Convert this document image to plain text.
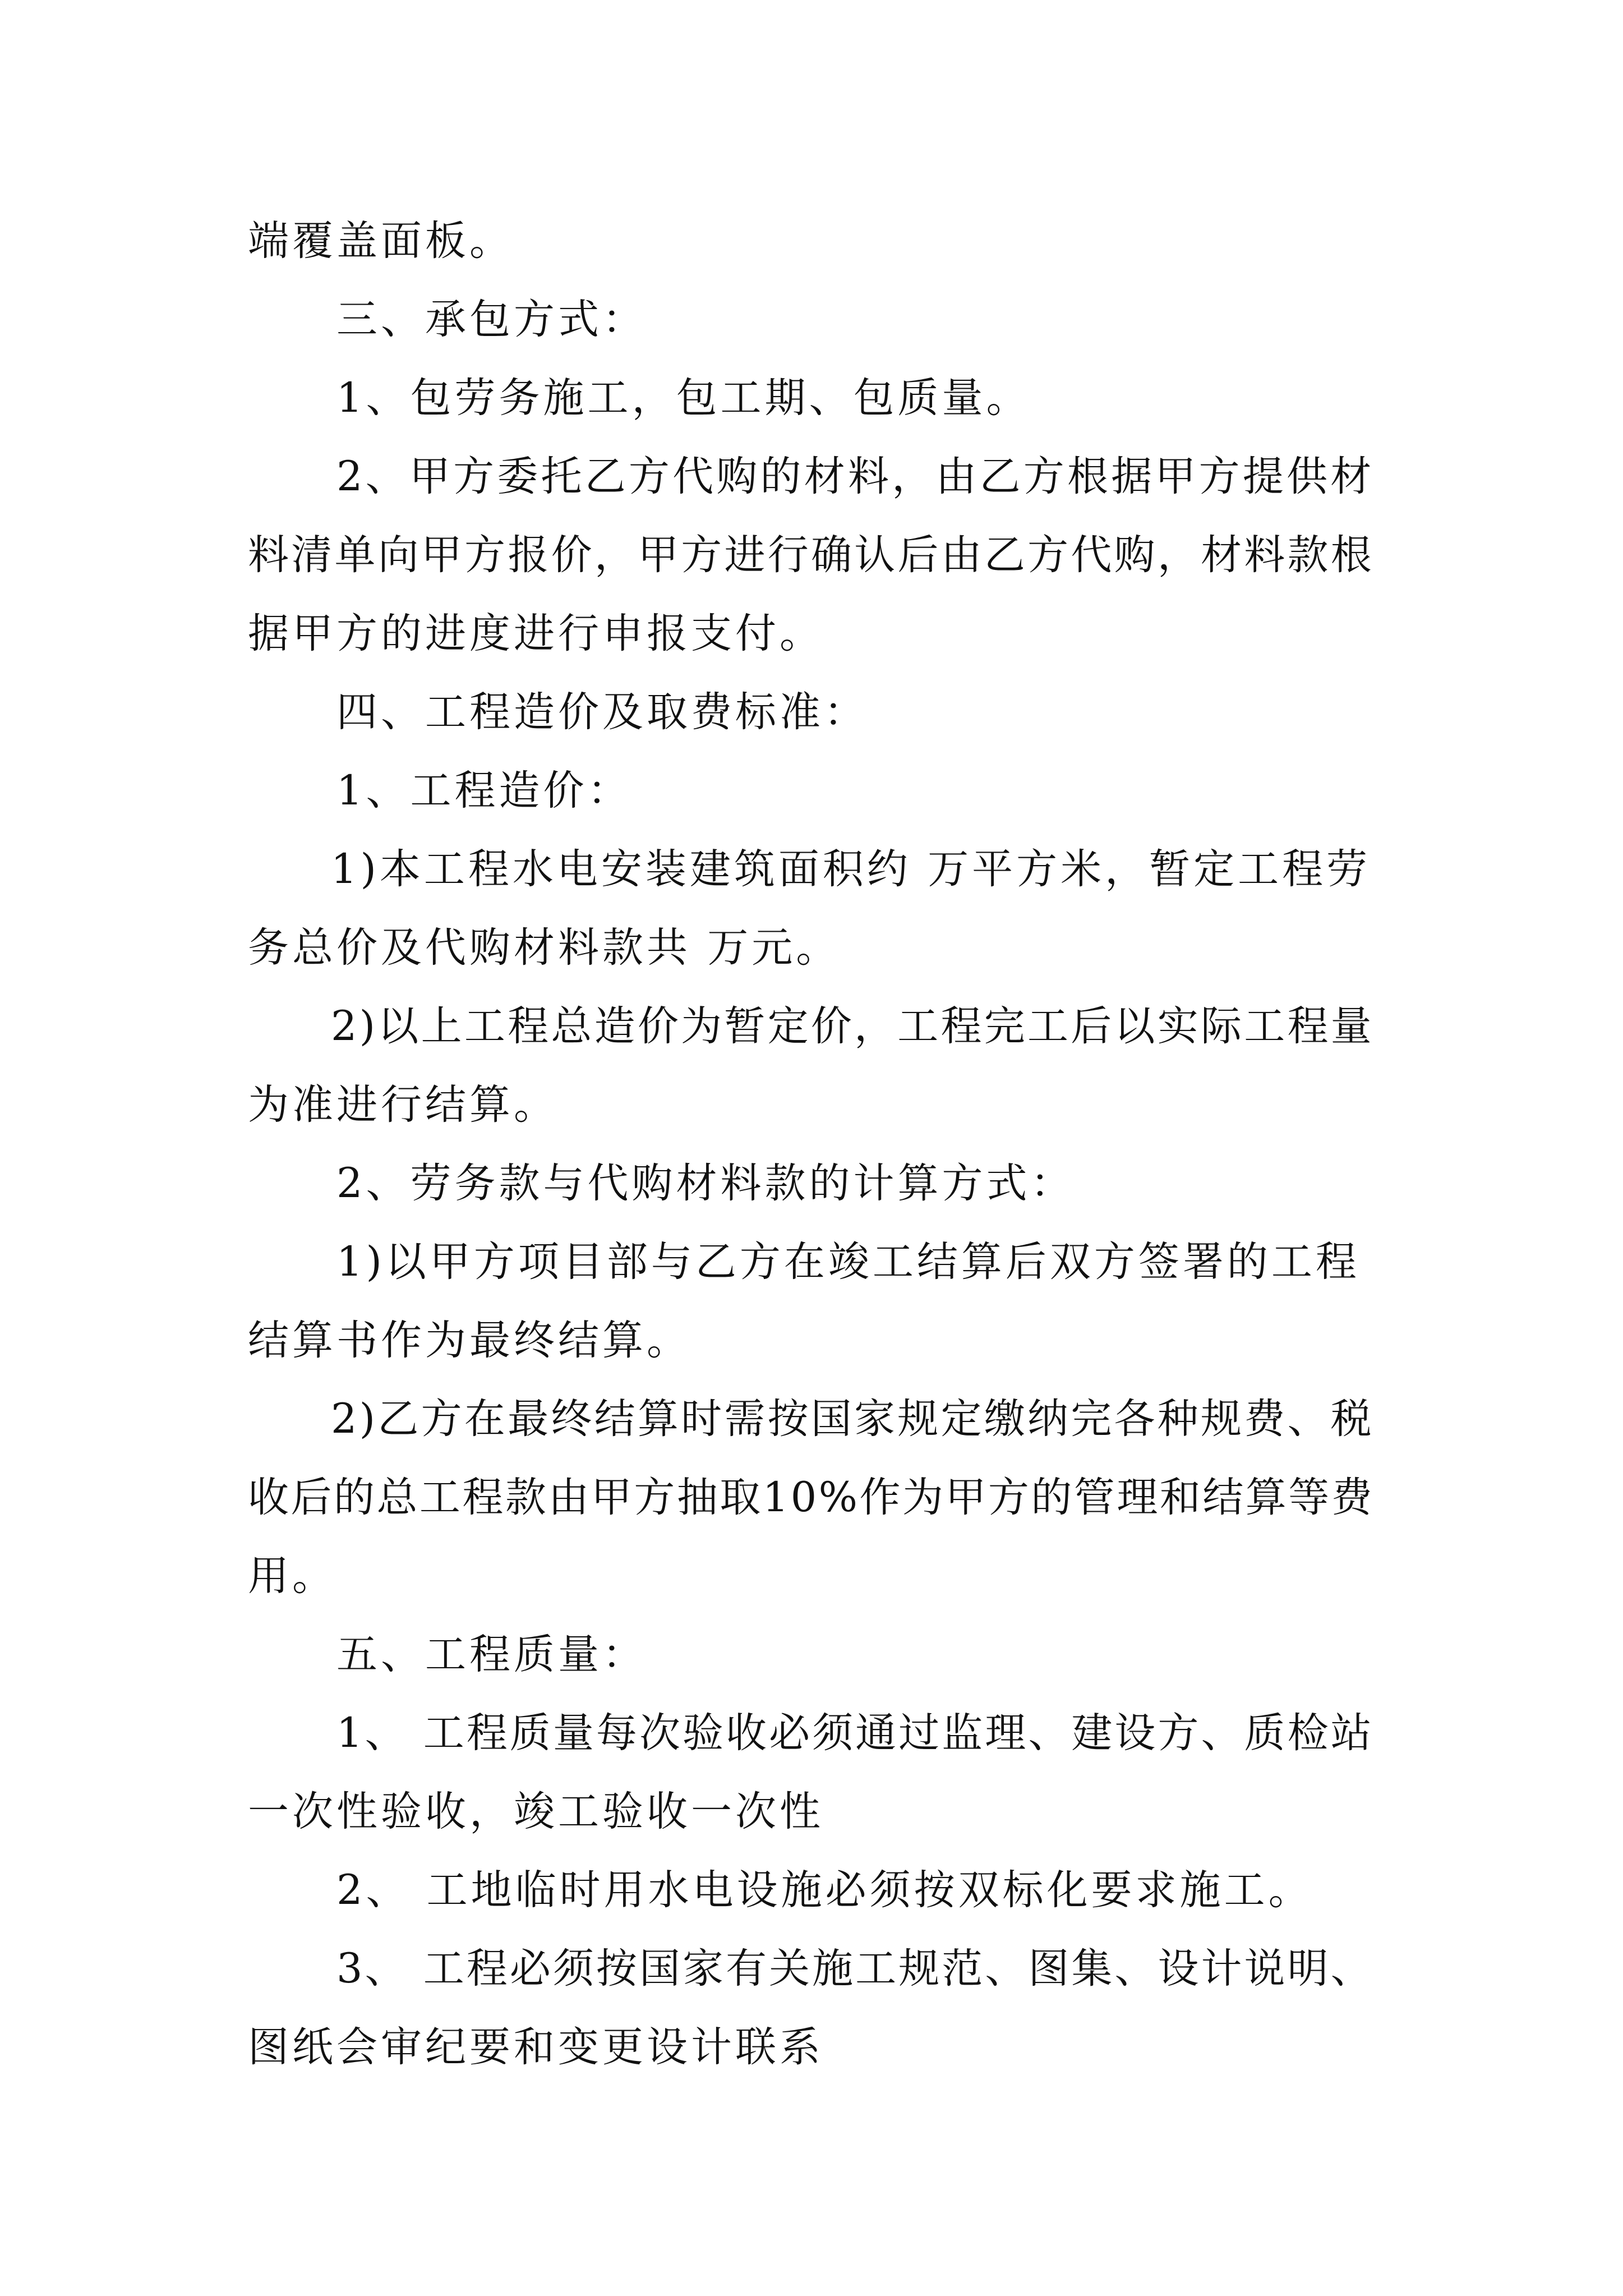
端覆盖面板。
三、承包方式：
1、包劳务施工，包工期、包质量。
2、甲方委托乙方代购的材料，由乙方根据甲方提供材
料清单向甲方报价，甲方进行确认后由乙方代购，材料款根
据甲方的进度进行申报支付。
四、工程造价及取费标准：
1、工程造价：
1)本工程水电安装建筑面积约 万平方米，暂定工程劳
务总价及代购材料款共 万元。
2)以上工程总造价为暂定价，工程完工后以实际工程量
为准进行结算。
2、劳务款与代购材料款的计算方式：
1)以甲方项目部与乙方在竣工结算后双方签署的工程
结算书作为最终结算。
2)乙方在最终结算时需按国家规定缴纳完各种规费、税
收后的总工程款由甲方抽取10%作为甲方的管理和结算等费
用。
五、工程质量：
1、 工程质量每次验收必须通过监理、建设方、质检站
一次性验收，竣工验收一次性
2、 工地临时用水电设施必须按双标化要求施工。
3、 工程必须按国家有关施工规范、图集、设计说明、
图纸会审纪要和变更设计联系
